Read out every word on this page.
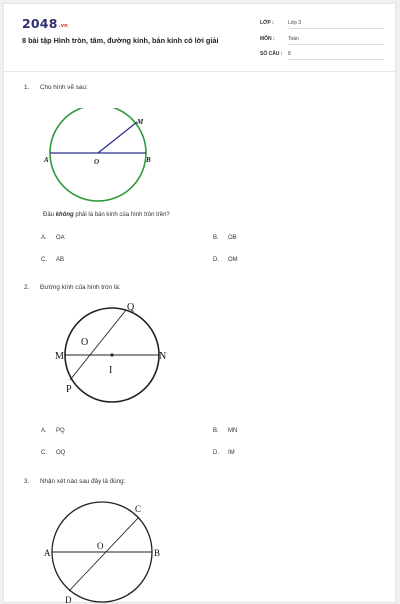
2048.vn
8 bài tập Hình tròn, tâm, đường kính, bán kính có lời giải
LỚP :	Lớp 3
MÔN :	Toán
SỐ CÂU : 8
1. Cho hình vẽ sau:
A	O	B
M
Đâu không phải là bán kính của hình tròn trên?
A. OA	B. OB
C. AB	D. OM
2. Đường kính của hình tròn là:
Q
O
M	N
I
P
A. PQ	B. MN
C. OQ	D. IM
3. Nhận xét nào sau đây là đúng:
C
A
O
B
D
